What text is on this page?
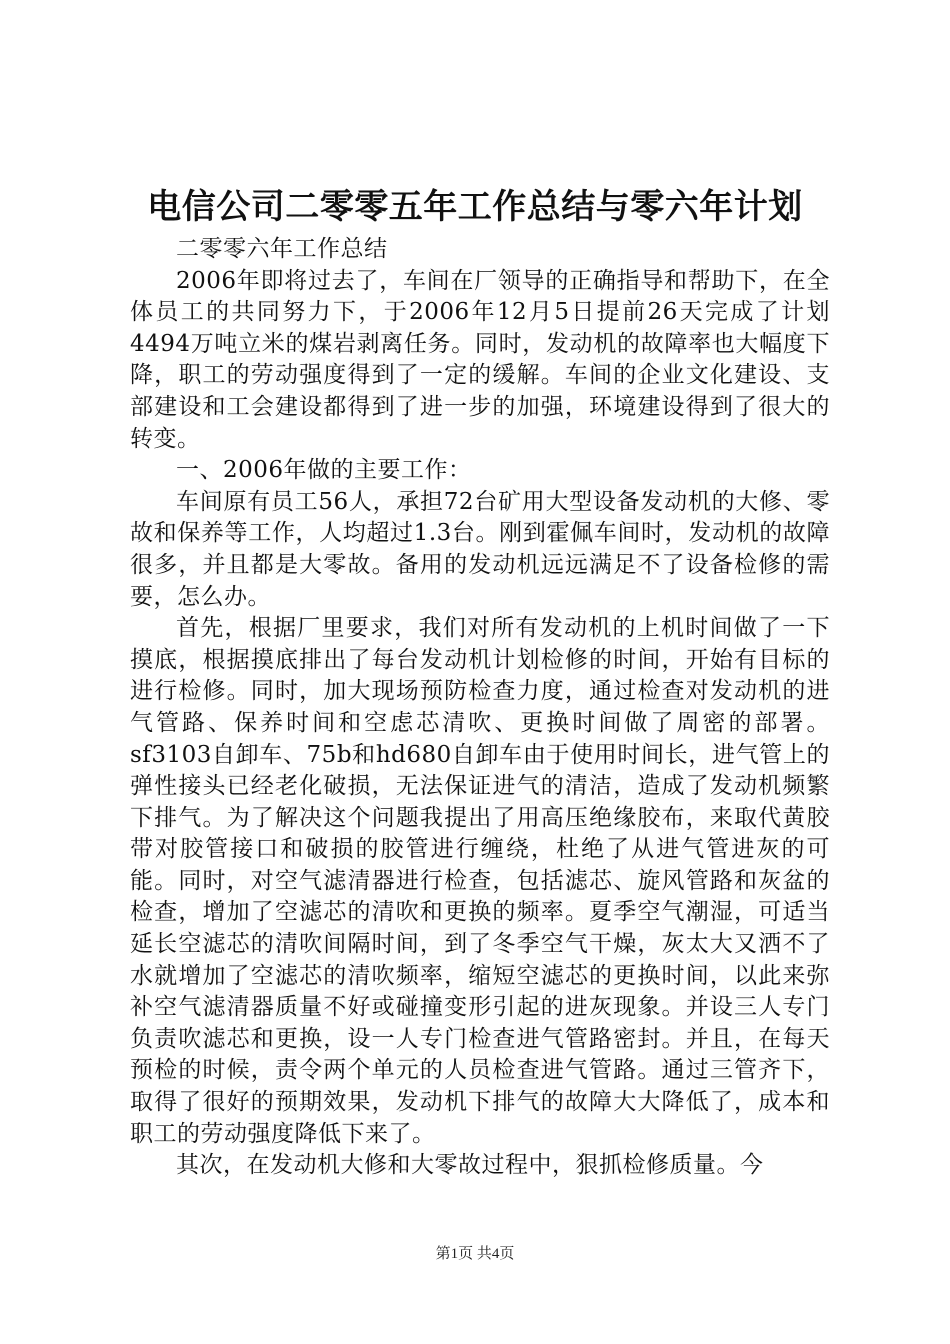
电信公司二零零五年工作总结与零六年计划

二零零六年工作总结

2006年即将过去了，车间在厂领导的正确指导和帮助下，在全体员工的共同努力下，于2006年12月5日提前26天完成了计划4494万吨立米的煤岩剥离任务。同时，发动机的故障率也大幅度下降，职工的劳动强度得到了一定的缓解。车间的企业文化建设、支部建设和工会建设都得到了进一步的加强，环境建设得到了很大的转变。

一、2006年做的主要工作：

车间原有员工56人，承担72台矿用大型设备发动机的大修、零故和保养等工作，人均超过1.3台。刚到霍佩车间时，发动机的故障很多，并且都是大零故。备用的发动机远远满足不了设备检修的需要，怎么办。

首先，根据厂里要求，我们对所有发动机的上机时间做了一下摸底，根据摸底排出了每台发动机计划检修的时间，开始有目标的进行检修。同时，加大现场预防检查力度，通过检查对发动机的进气管路、保养时间和空虑芯清吹、更换时间做了周密的部署。sf3103自卸车、75b和hd680自卸车由于使用时间长，进气管上的弹性接头已经老化破损，无法保证进气的清洁，造成了发动机频繁下排气。为了解决这个问题我提出了用高压绝缘胶布，来取代黄胶带对胶管接口和破损的胶管进行缠绕，杜绝了从进气管进灰的可能。同时，对空气滤清器进行检查，包括滤芯、旋风管路和灰盆的检查，增加了空滤芯的清吹和更换的频率。夏季空气潮湿，可适当延长空滤芯的清吹间隔时间，到了冬季空气干燥，灰太大又洒不了水就增加了空滤芯的清吹频率，缩短空滤芯的更换时间，以此来弥补空气滤清器质量不好或碰撞变形引起的进灰现象。并设三人专门负责吹滤芯和更换，设一人专门检查进气管路密封。并且，在每天预检的时候，责令两个单元的人员检查进气管路。通过三管齐下，取得了很好的预期效果，发动机下排气的故障大大降低了，成本和职工的劳动强度降低下来了。

其次，在发动机大修和大零故过程中，狠抓检修质量。今

第1页 共4页
